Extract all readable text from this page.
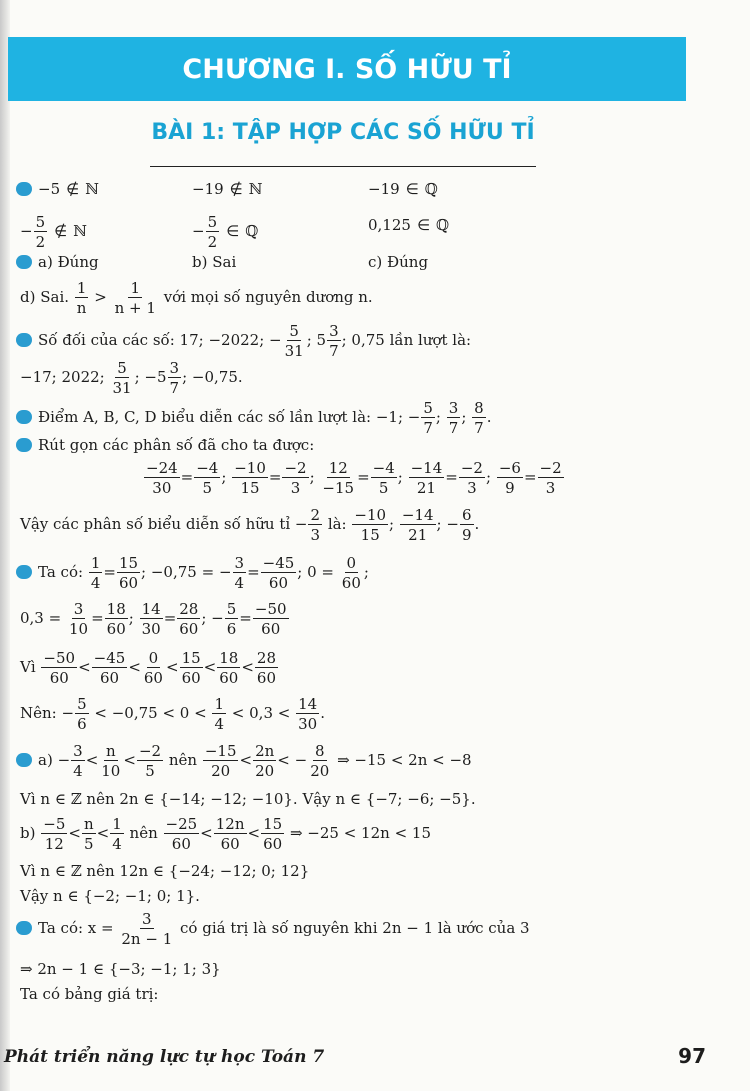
CHƯƠNG I. SỐ HỮU TỈ
BÀI 1: TẬP HỢP CÁC SỐ HỮU TỈ
−5 ∉ ℕ	−19 ∉ ℕ	−19 ∈ ℚ
− $\frac{5}{2}$ ∉ ℕ	− $\frac{5}{2}$ ∈ ℚ	0,125 ∈ ℚ
a) Đúng	b) Sai	c) Đúng
d) Sai. $\frac{1}{n} > \frac{1}{n + 1}$ với mọi số nguyên dương n.
Số đối của các số: 17; −2022; − $\frac{5}{31}$ ; $5 \frac{3}{7}$ ; 0,75 lần lượt là:
−17; 2022; $\frac{5}{31}$ ; $-5 \frac{3}{7}$ ; −0,75.
Điểm A, B, C, D biểu diễn các số lần lượt là: −1; − $\frac{5}{7}$ ; $\frac{3}{7}$ ; $\frac{8}{7}$ .
Rút gọn các phân số đã cho ta được:
$\frac{-24}{30} = \frac{-4}{5}$ ; $\frac{-10}{15} = \frac{-2}{3}$ ; $\frac{12}{-15} = \frac{-4}{5}$ ; $\frac{-14}{21} = \frac{-2}{3}$ ; $\frac{-6}{9} = \frac{-2}{3}$
Vậy các phân số biểu diễn số hữu tỉ − $\frac{2}{3}$ là: $\frac{-10}{15}$ ; $\frac{-14}{21}$ ; − $\frac{6}{9}$ .
Ta có: $\frac{1}{4} = \frac{15}{60}$ ; −0,75 = − $\frac{3}{4} = \frac{-45}{60}$ ; $0 = \frac{0}{60}$ ;
$0,3 = \frac{3}{10} = \frac{18}{60}$ ; $\frac{14}{30} = \frac{28}{60}$ ; − $\frac{5}{6} = \frac{-50}{60}$
Vì $\frac{-50}{60} < \frac{-45}{60} < \frac{0}{60} < \frac{15}{60} < \frac{18}{60} < \frac{28}{60}$
Nên: − $\frac{5}{6} < -0,75 < 0 < \frac{1}{4} < 0,3 < \frac{14}{30}$ .
$a) - \frac{3}{4} < \frac{n}{10} < \frac{-2}{5}$ nên $\frac{-15}{20} < \frac{2n}{20}$ < − $\frac{8}{20}$ ⇒ −15 < 2n < −8
Vì n ∈ ℤ nên 2n ∈ {−14; −12; −10}. Vậy n ∈ {−7; −6; −5}.
$b) \frac{-5}{12} < \frac{n}{5} < \frac{1}{4}$ nên $\frac{-25}{60} < \frac{12n}{60} < \frac{15}{60}$ ⇒ −25 < 12n < 15
Vì n ∈ ℤ nên 12n ∈ {−24; −12; 0; 12}
Vậy n ∈ {−2; −1; 0; 1}.
Ta có: $x = \frac{3}{2n - 1}$ có giá trị là số nguyên khi 2n − 1 là ước của 3
⇒ 2n − 1 ∈ {−3; −1; 1; 3}
Ta có bảng giá trị:
Phát triển năng lực tự học Toán 7	97
